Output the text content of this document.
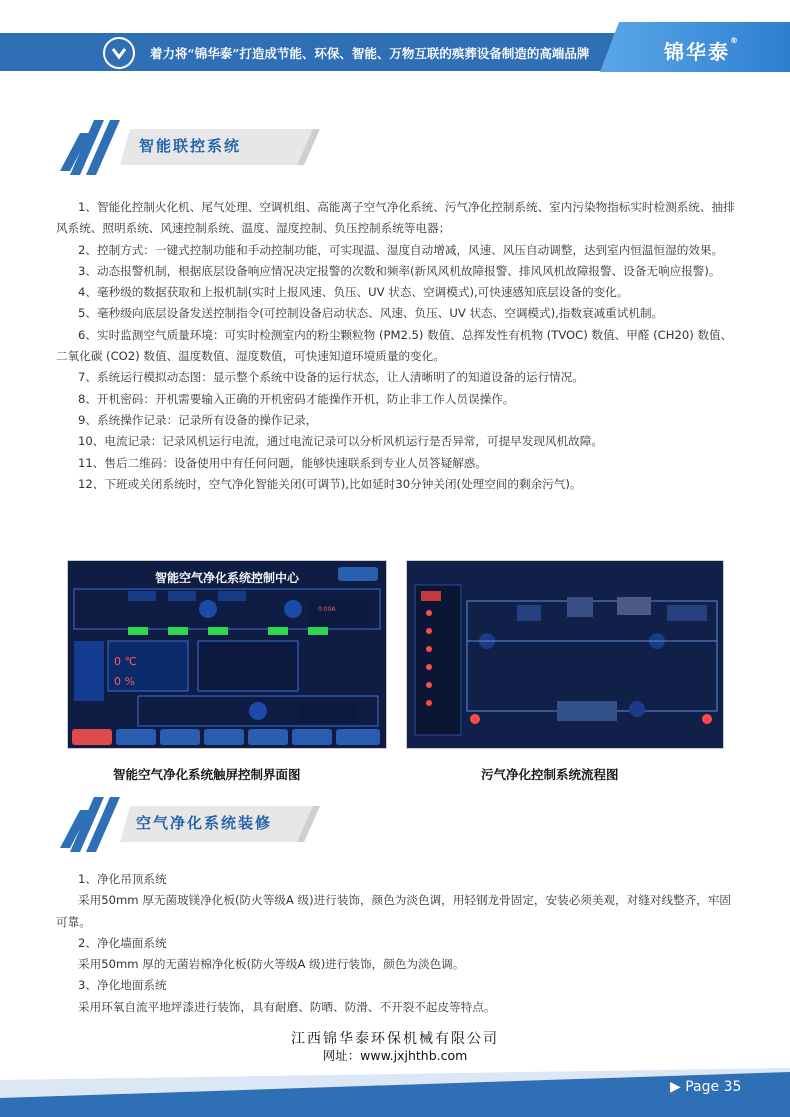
着力将“锦华泰”打造成节能、环保、智能、万物互联的殡葬设备制造的高端品牌	锦华泰®
智能联控系统

1、智能化控制火化机、尾气处理、空调机组、高能离子空气净化系统、污气净化控制系统、室内污染物指标实时检测系统、抽排风系统、照明系统、风速控制系统、温度、湿度控制、负压控制系统等电器；

2、控制方式：一键式控制功能和手动控制功能，可实现温、湿度自动增减，风速、风压自动调整，达到室内恒温恒湿的效果。

3、动态报警机制，根据底层设备响应情况决定报警的次数和频率(新风风机故障报警、排风风机故障报警、设备无响应报警)。

4、毫秒级的数据获取和上报机制(实时上报风速、负压、UV 状态、空调模式),可快速感知底层设备的变化。

5、毫秒级向底层设备发送控制指令(可控制设备启动状态、风速、负压、UV 状态、空调模式),指数衰减重试机制。

6、实时监测空气质量环境：可实时检测室内的粉尘颗粒物 (PM2.5) 数值、总挥发性有机物 (TVOC) 数值、甲醛 (CH20) 数值、二氧化碳 (CO2) 数值、温度数值、湿度数值，可快速知道环境质量的变化。

7、系统运行模拟动态图：显示整个系统中设备的运行状态，让人清晰明了的知道设备的运行情况。

8、开机密码：开机需要输入正确的开机密码才能操作开机，防止非工作人员误操作。

9、系统操作记录：记录所有设备的操作记录，

10、电流记录：记录风机运行电流，通过电流记录可以分析风机运行是否异常，可提早发现风机故障。

11、售后二维码：设备使用中有任何问题，能够快速联系到专业人员答疑解惑。

12、下班或关闭系统时，空气净化智能关闭(可调节),比如延时30分钟关闭(处理空间的剩余污气)。

智能空气净化系统控制中心
0.00A
0 ℃
0 %
智能空气净化系统触屏控制界面图	污气净化控制系统流程图
空气净化系统装修

1、净化吊顶系统

采用50mm 厚无菌玻镁净化板(防火等级A 级)进行装饰，颜色为淡色调，用轻钢龙骨固定，安装必须美观，对缝对线整齐，牢固可靠。

2、净化墙面系统

采用50mm 厚的无菌岩棉净化板(防火等级A 级)进行装饰，颜色为淡色调。

3、净化地面系统

采用环氧自流平地坪漆进行装饰，具有耐磨、防晒、防滑、不开裂不起皮等特点。

江西锦华泰环保机械有限公司
网址：www.jxjhthb.com
▶ Page 35
